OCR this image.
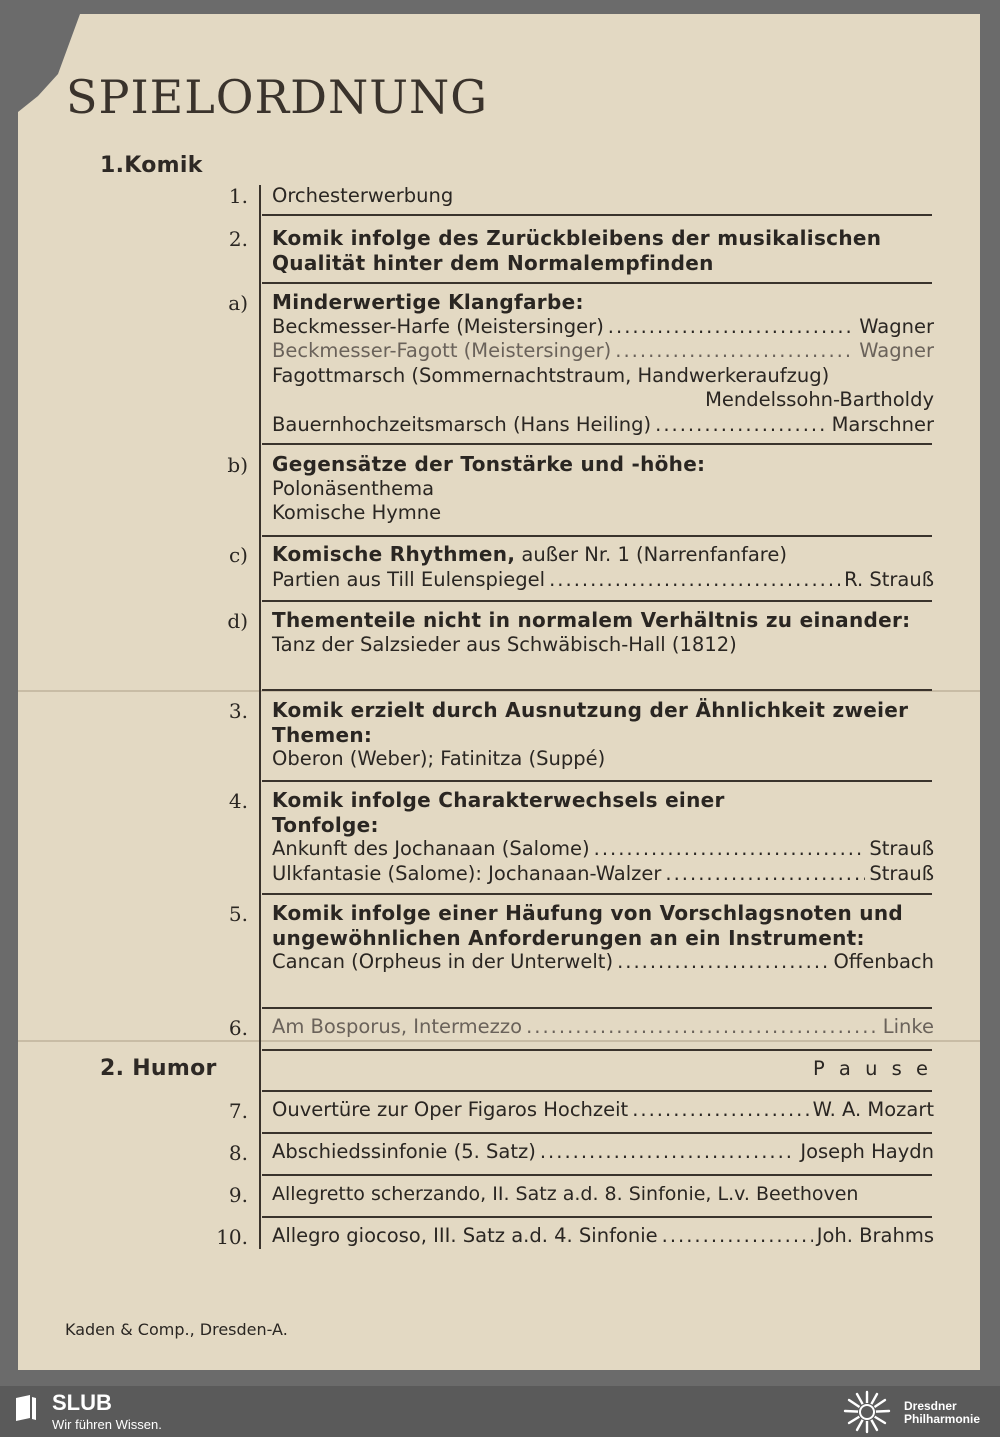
SPIELORDNUNG
1.Komik
2. Humor
1. Orchesterwerbung
2. Komik infolge des Zurückbleibens der musikalischen Qualität hinter dem Normalempfinden
a) Minderwertige Klangfarbe:
Beckmesser-Harfe (Meistersinger) .....	Wagner
Beckmesser-Fagott (Meistersinger) .....	Wagner
Fagottmarsch (Sommernachtstraum, Handwerkeraufzug)
Mendelssohn-Bartholdy
Bauernhochzeitsmarsch (Hans Heiling) .....	Marschner
b) Gegensätze der Tonstärke und -höhe:
Polonäsenthema
Komische Hymne
c) Komische Rhythmen, außer Nr. 1 (Narrenfanfare)
Partien aus Till Eulenspiegel .....	R. Strauß
d) Thementeile nicht in normalem Verhältnis zu einander:
Tanz der Salzsieder aus Schwäbisch-Hall (1812)
3. Komik erzielt durch Ausnutzung der Ähnlichkeit zweier Themen:
Oberon (Weber); Fatinitza (Suppé)
4. Komik infolge Charakterwechsels einer Tonfolge:
Ankunft des Jochanaan (Salome) .....	Strauß
Ulkfantasie (Salome): Jochanaan-Walzer .....	Strauß
5. Komik infolge einer Häufung von Vorschlagsnoten und ungewöhnlichen Anforderungen an ein Instrument:
Cancan (Orpheus in der Unterwelt) .....	Offenbach
6. Am Bosporus, Intermezzo .....	Linke
P a u s e
7. Ouvertüre zur Oper Figaros Hochzeit .....	W. A. Mozart
8. Abschiedssinfonie (5. Satz) .....	Joseph Haydn
9. Allegretto scherzando, II. Satz a.d. 8. Sinfonie, L.v. Beethoven
10. Allegro giocoso, III. Satz a.d. 4. Sinfonie .....	Joh. Brahms
Kaden & Comp., Dresden-A.
SLUB
Wir führen Wissen.
Dresdner
Philharmonie
